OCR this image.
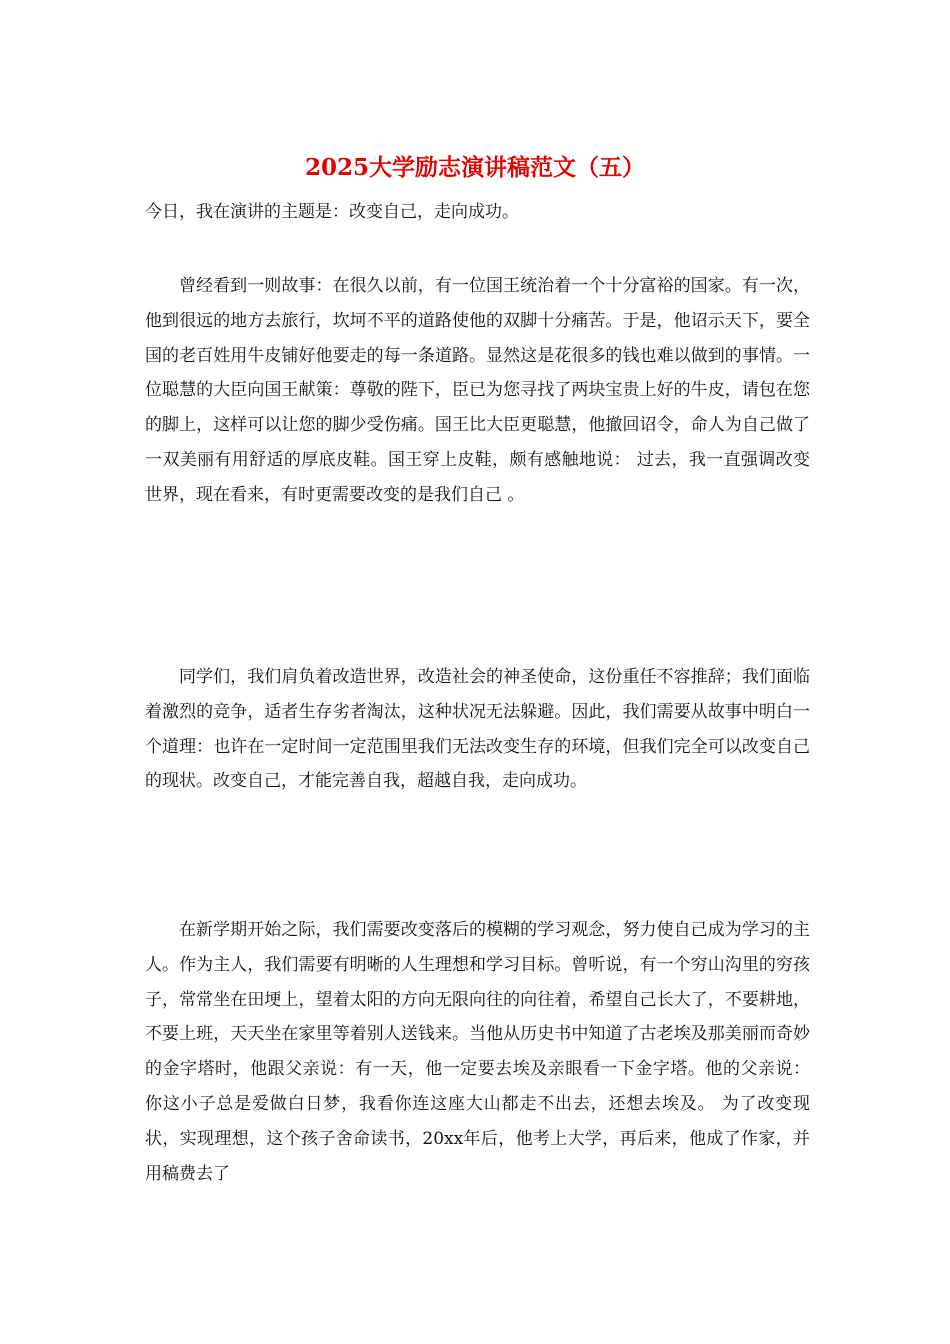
2025大学励志演讲稿范文（五）
今日，我在演讲的主题是：改变自己，走向成功。

曾经看到一则故事：在很久以前，有一位国王统治着一个十分富裕的国家。有一次，他到很远的地方去旅行，坎坷不平的道路使他的双脚十分痛苦。于是，他诏示天下，要全国的老百姓用牛皮铺好他要走的每一条道路。显然这是花很多的钱也难以做到的事情。一位聪慧的大臣向国王献策：尊敬的陛下，臣已为您寻找了两块宝贵上好的牛皮，请包在您的脚上，这样可以让您的脚少受伤痛。国王比大臣更聪慧，他撤回诏令，命人为自己做了一双美丽有用舒适的厚底皮鞋。国王穿上皮鞋，颇有感触地说： 过去，我一直强调改变世界，现在看来，有时更需要改变的是我们自己 。

同学们，我们肩负着改造世界，改造社会的神圣使命，这份重任不容推辞；我们面临着激烈的竞争，适者生存劣者淘汰，这种状况无法躲避。因此，我们需要从故事中明白一个道理：也许在一定时间一定范围里我们无法改变生存的环境，但我们完全可以改变自己的现状。改变自己，才能完善自我，超越自我，走向成功。

在新学期开始之际，我们需要改变落后的模糊的学习观念，努力使自己成为学习的主人。作为主人，我们需要有明晰的人生理想和学习目标。曾听说，有一个穷山沟里的穷孩子，常常坐在田埂上，望着太阳的方向无限向往的向往着，希望自己长大了，不要耕地，不要上班，天天坐在家里等着别人送钱来。当他从历史书中知道了古老埃及那美丽而奇妙的金字塔时，他跟父亲说：有一天，他一定要去埃及亲眼看一下金字塔。他的父亲说： 你这小子总是爱做白日梦，我看你连这座大山都走不出去，还想去埃及。 为了改变现状，实现理想，这个孩子舍命读书，20xx年后，他考上大学，再后来，他成了作家，并用稿费去了
